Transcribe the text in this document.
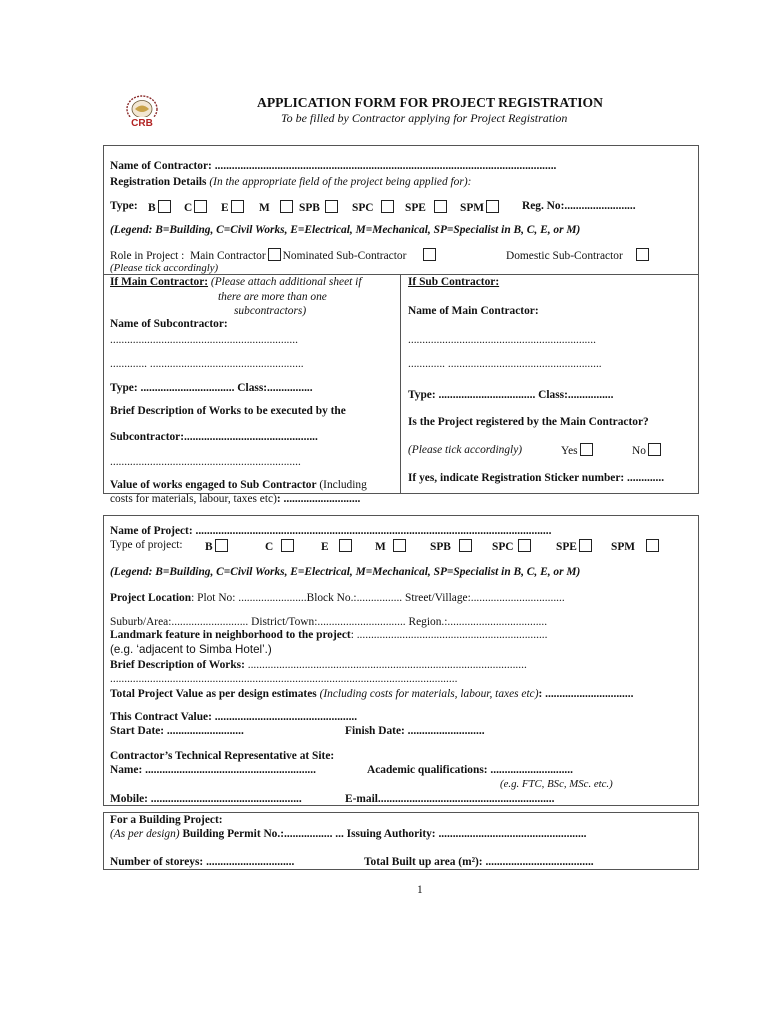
CRB
APPLICATION FORM FOR PROJECT REGISTRATION
To be filled by Contractor applying for Project Registration
Name of Contractor: ........................................................................................................................
Registration Details (In the appropriate field of the project being applied for):
Type: B	C	E	M	SPB	SPC	SPE	SPM	Reg. No:.........................
(Legend: B=Building, C=Civil Works, E=Electrical, M=Mechanical, SP=Specialist in B, C, E, or M)
Role in Project : Main Contractor Nominated Sub-Contractor	Domestic Sub-Contractor
(Please tick accordingly)
If Main Contractor: (Please attach additional sheet if
there are more than one
subcontractors)
Name of Subcontractor:
..................................................................
............. ......................................................
Type: ................................. Class:................
Brief Description of Works to be executed by the
Subcontractor:...............................................
...................................................................
Value of works engaged to Sub Contractor (Including
costs for materials, labour, taxes etc): ...........................
If Sub Contractor:
Name of Main Contractor:
..................................................................
............. ......................................................
Type: .................................. Class:................
Is the Project registered by the Main Contractor?
(Please tick accordingly)	Yes	No
If yes, indicate Registration Sticker number: .............
Name of Project: .............................................................................................................................
Type of project: B	C	E	M	SPB	SPC	SPE	SPM
(Legend: B=Building, C=Civil Works, E=Electrical, M=Mechanical, SP=Specialist in B, C, E, or M)
Project Location: Plot No: ........................Block No.:................ Street/Village:.................................
Suburb/Area:........................... District/Town:............................... Region.:...................................
Landmark feature in neighborhood to the project: ...................................................................
(e.g. ‘adjacent to Simba Hotel’.)
Brief Description of Works: ..................................................................................................
..........................................................................................................................
Total Project Value as per design estimates (Including costs for materials, labour, taxes etc): ...............................
This Contract Value: ..................................................
Start Date: ...........................	Finish Date: ...........................
Contractor’s Technical Representative at Site:
Name: ............................................................	Academic qualifications: .............................
(e.g. FTC, BSc, MSc. etc.)
Mobile: .....................................................	E-mail..............................................................
For a Building Project:
(As per design) Building Permit No.:................. ... Issuing Authority: ....................................................
Number of storeys: ...............................	Total Built up area (m²): ......................................
1
